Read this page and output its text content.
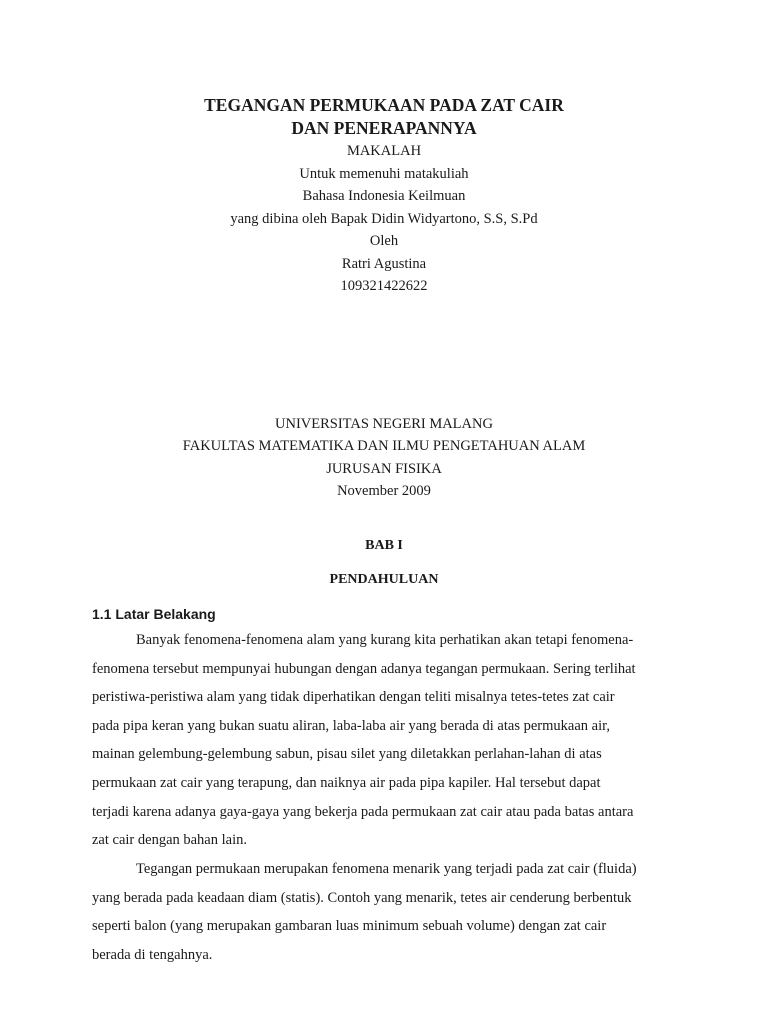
TEGANGAN PERMUKAAN PADA ZAT CAIR
DAN PENERAPANNYA
MAKALAH
Untuk memenuhi matakuliah
Bahasa Indonesia Keilmuan
yang dibina oleh Bapak Didin Widyartono, S.S, S.Pd
Oleh
Ratri Agustina
109321422622
UNIVERSITAS NEGERI MALANG
FAKULTAS MATEMATIKA DAN ILMU PENGETAHUAN ALAM
JURUSAN FISIKA
November 2009
BAB I
PENDAHULUAN
1.1 Latar Belakang
Banyak fenomena-fenomena alam yang kurang kita perhatikan akan tetapi fenomena-
fenomena tersebut mempunyai hubungan dengan adanya tegangan permukaan. Sering terlihat
peristiwa-peristiwa alam yang tidak diperhatikan dengan teliti misalnya tetes-tetes zat cair
pada pipa keran yang bukan suatu aliran, laba-laba air yang berada di atas permukaan air,
mainan gelembung-gelembung sabun, pisau silet yang diletakkan perlahan-lahan di atas
permukaan zat cair yang terapung, dan naiknya air pada pipa kapiler. Hal tersebut dapat
terjadi karena adanya gaya-gaya yang bekerja pada permukaan zat cair atau pada batas antara
zat cair dengan bahan lain.
Tegangan permukaan merupakan fenomena menarik yang terjadi pada zat cair (fluida)
yang berada pada keadaan diam (statis). Contoh yang menarik, tetes air cenderung berbentuk
seperti balon (yang merupakan gambaran luas minimum sebuah volume) dengan zat cair
berada di tengahnya.
